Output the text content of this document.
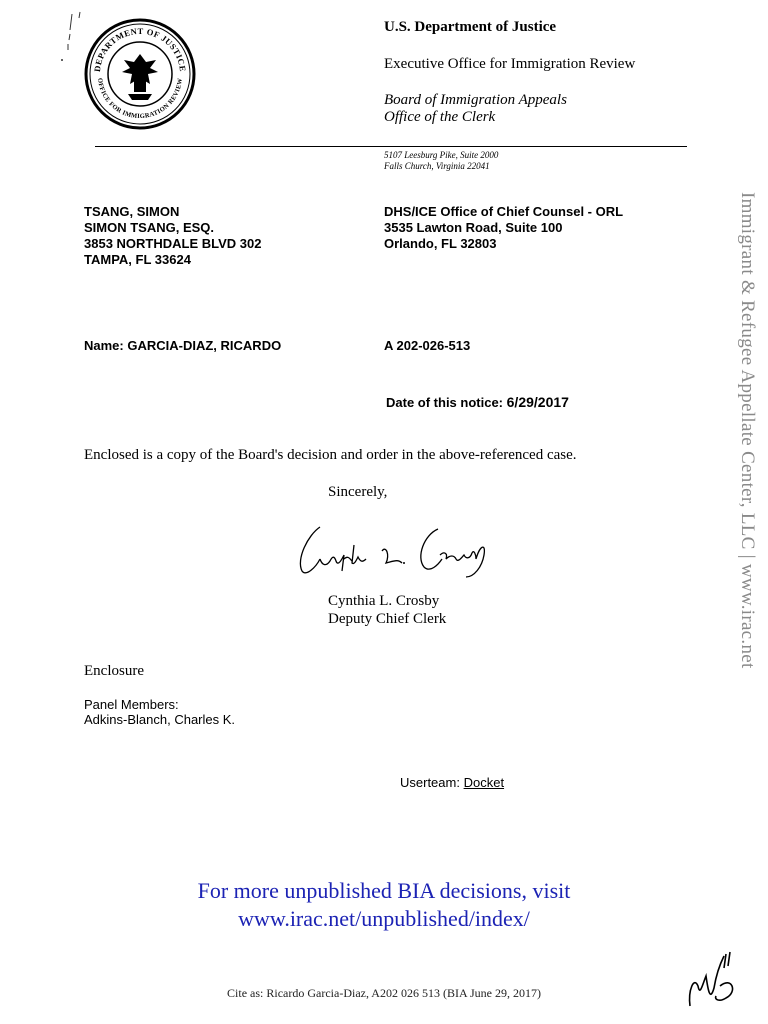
DEPARTMENT OF JUSTICE
OFFICE FOR IMMIGRATION REVIEW
U.S. Department of Justice
Executive Office for Immigration Review
Board of Immigration Appeals
Office of the Clerk
5107 Leesburg Pike, Suite 2000
Falls Church, Virginia 22041
TSANG, SIMON
SIMON TSANG, ESQ.
3853 NORTHDALE BLVD 302
TAMPA, FL 33624
DHS/ICE Office of Chief Counsel - ORL
3535 Lawton Road, Suite 100
Orlando, FL 32803
Name: GARCIA-DIAZ, RICARDO	A 202-026-513
Date of this notice: 6/29/2017
Enclosed is a copy of the Board's decision and order in the above-referenced case.
Sincerely,
Cynthia L. Crosby
Deputy Chief Clerk
Enclosure
Panel Members:
Adkins-Blanch, Charles K.
Userteam: Docket
For more unpublished BIA decisions, visit
www.irac.net/unpublished/index/
Cite as: Ricardo Garcia-Diaz, A202 026 513 (BIA June 29, 2017)
Immigrant & Refugee Appellate Center, LLC | www.irac.net
